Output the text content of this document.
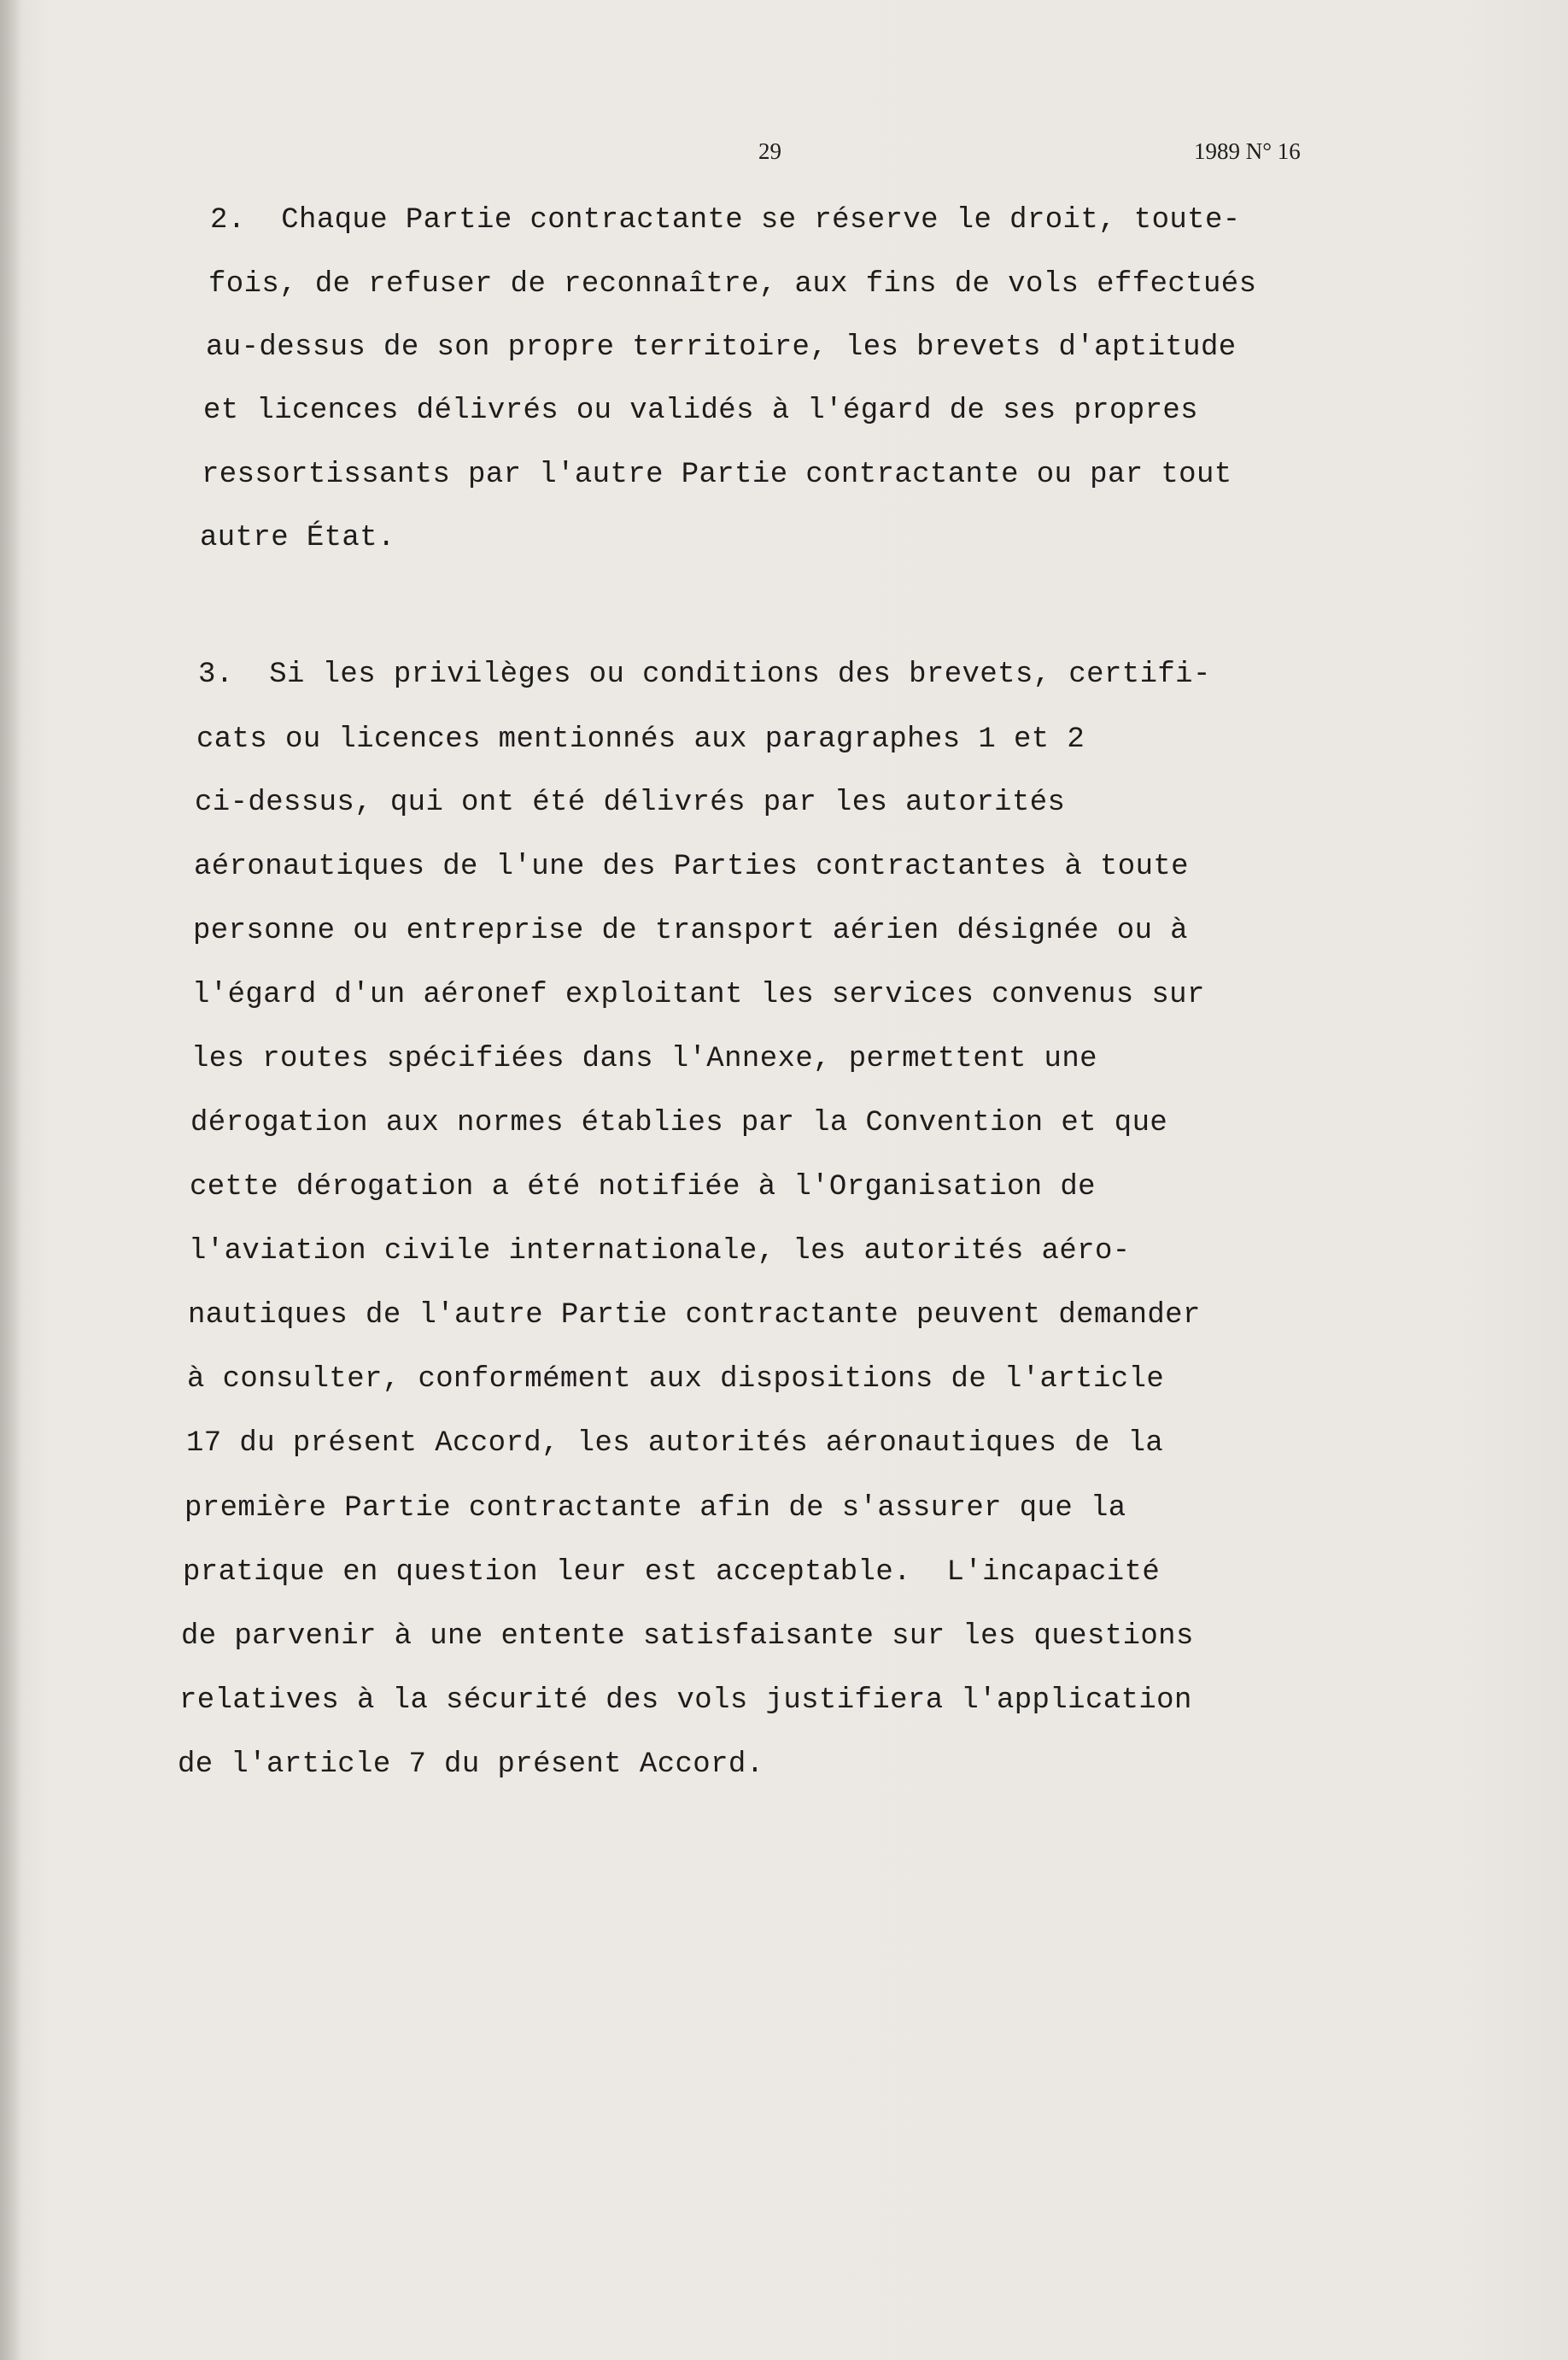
29	1989 N° 16

2.  Chaque Partie contractante se réserve le droit, toute-

fois, de refuser de reconnaître, aux fins de vols effectués

au-dessus de son propre territoire, les brevets d'aptitude

et licences délivrés ou validés à l'égard de ses propres

ressortissants par l'autre Partie contractante ou par tout

autre État.

3.  Si les privilèges ou conditions des brevets, certifi-

cats ou licences mentionnés aux paragraphes 1 et 2

ci-dessus, qui ont été délivrés par les autorités

aéronautiques de l'une des Parties contractantes à toute

personne ou entreprise de transport aérien désignée ou à

l'égard d'un aéronef exploitant les services convenus sur

les routes spécifiées dans l'Annexe, permettent une

dérogation aux normes établies par la Convention et que

cette dérogation a été notifiée à l'Organisation de

l'aviation civile internationale, les autorités aéro-

nautiques de l'autre Partie contractante peuvent demander

à consulter, conformément aux dispositions de l'article

17 du présent Accord, les autorités aéronautiques de la

première Partie contractante afin de s'assurer que la

pratique en question leur est acceptable.  L'incapacité

de parvenir à une entente satisfaisante sur les questions

relatives à la sécurité des vols justifiera l'application

de l'article 7 du présent Accord.
